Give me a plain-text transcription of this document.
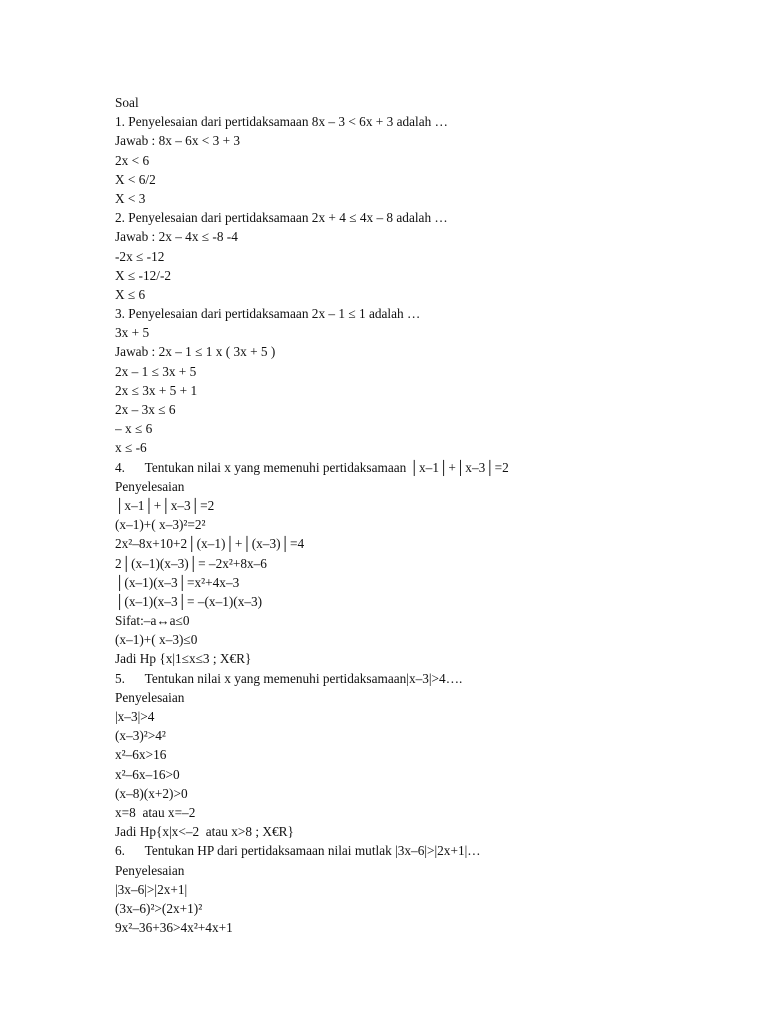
Soal
1. Penyelesaian dari pertidaksamaan 8x – 3 < 6x + 3 adalah …
Jawab : 8x – 6x < 3 + 3
2x < 6
X < 6/2
X < 3
2. Penyelesaian dari pertidaksamaan 2x + 4 ≤ 4x – 8 adalah …
Jawab : 2x – 4x ≤ -8 -4
-2x ≤ -12
X ≤ -12/-2
X ≤ 6
3. Penyelesaian dari pertidaksamaan 2x – 1 ≤ 1 adalah …
3x + 5
Jawab : 2x – 1 ≤ 1 x ( 3x + 5 )
2x – 1 ≤ 3x + 5
2x ≤ 3x + 5 + 1
2x – 3x ≤ 6
– x ≤ 6
x ≤ -6
4.      Tentukan nilai x yang memenuhi pertidaksamaan │x–1│+│x–3│=2
Penyelesaian
│x–1│+│x–3│=2
(x–1)+( x–3)²=2²
2x²–8x+10+2│(x–1)│+│(x–3)│=4
2│(x–1)(x–3)│= –2x²+8x–6
│(x–1)(x–3│=x²+4x–3
│(x–1)(x–3│= –(x–1)(x–3)
Sifat:–a↔a≤0
(x–1)+( x–3)≤0
Jadi Hp {x|1≤x≤3 ; X€R}
5.      Tentukan nilai x yang memenuhi pertidaksamaan|x–3|>4….
Penyelesaian
|x–3|>4
(x–3)²>4²
x²–6x>16
x²–6x–16>0
(x–8)(x+2)>0
x=8  atau x=–2
Jadi Hp{x|x<–2  atau x>8 ; X€R}
6.      Tentukan HP dari pertidaksamaan nilai mutlak |3x–6|>|2x+1|…
Penyelesaian
|3x–6|>|2x+1|
(3x–6)²>(2x+1)²
9x²–36+36>4x²+4x+1
